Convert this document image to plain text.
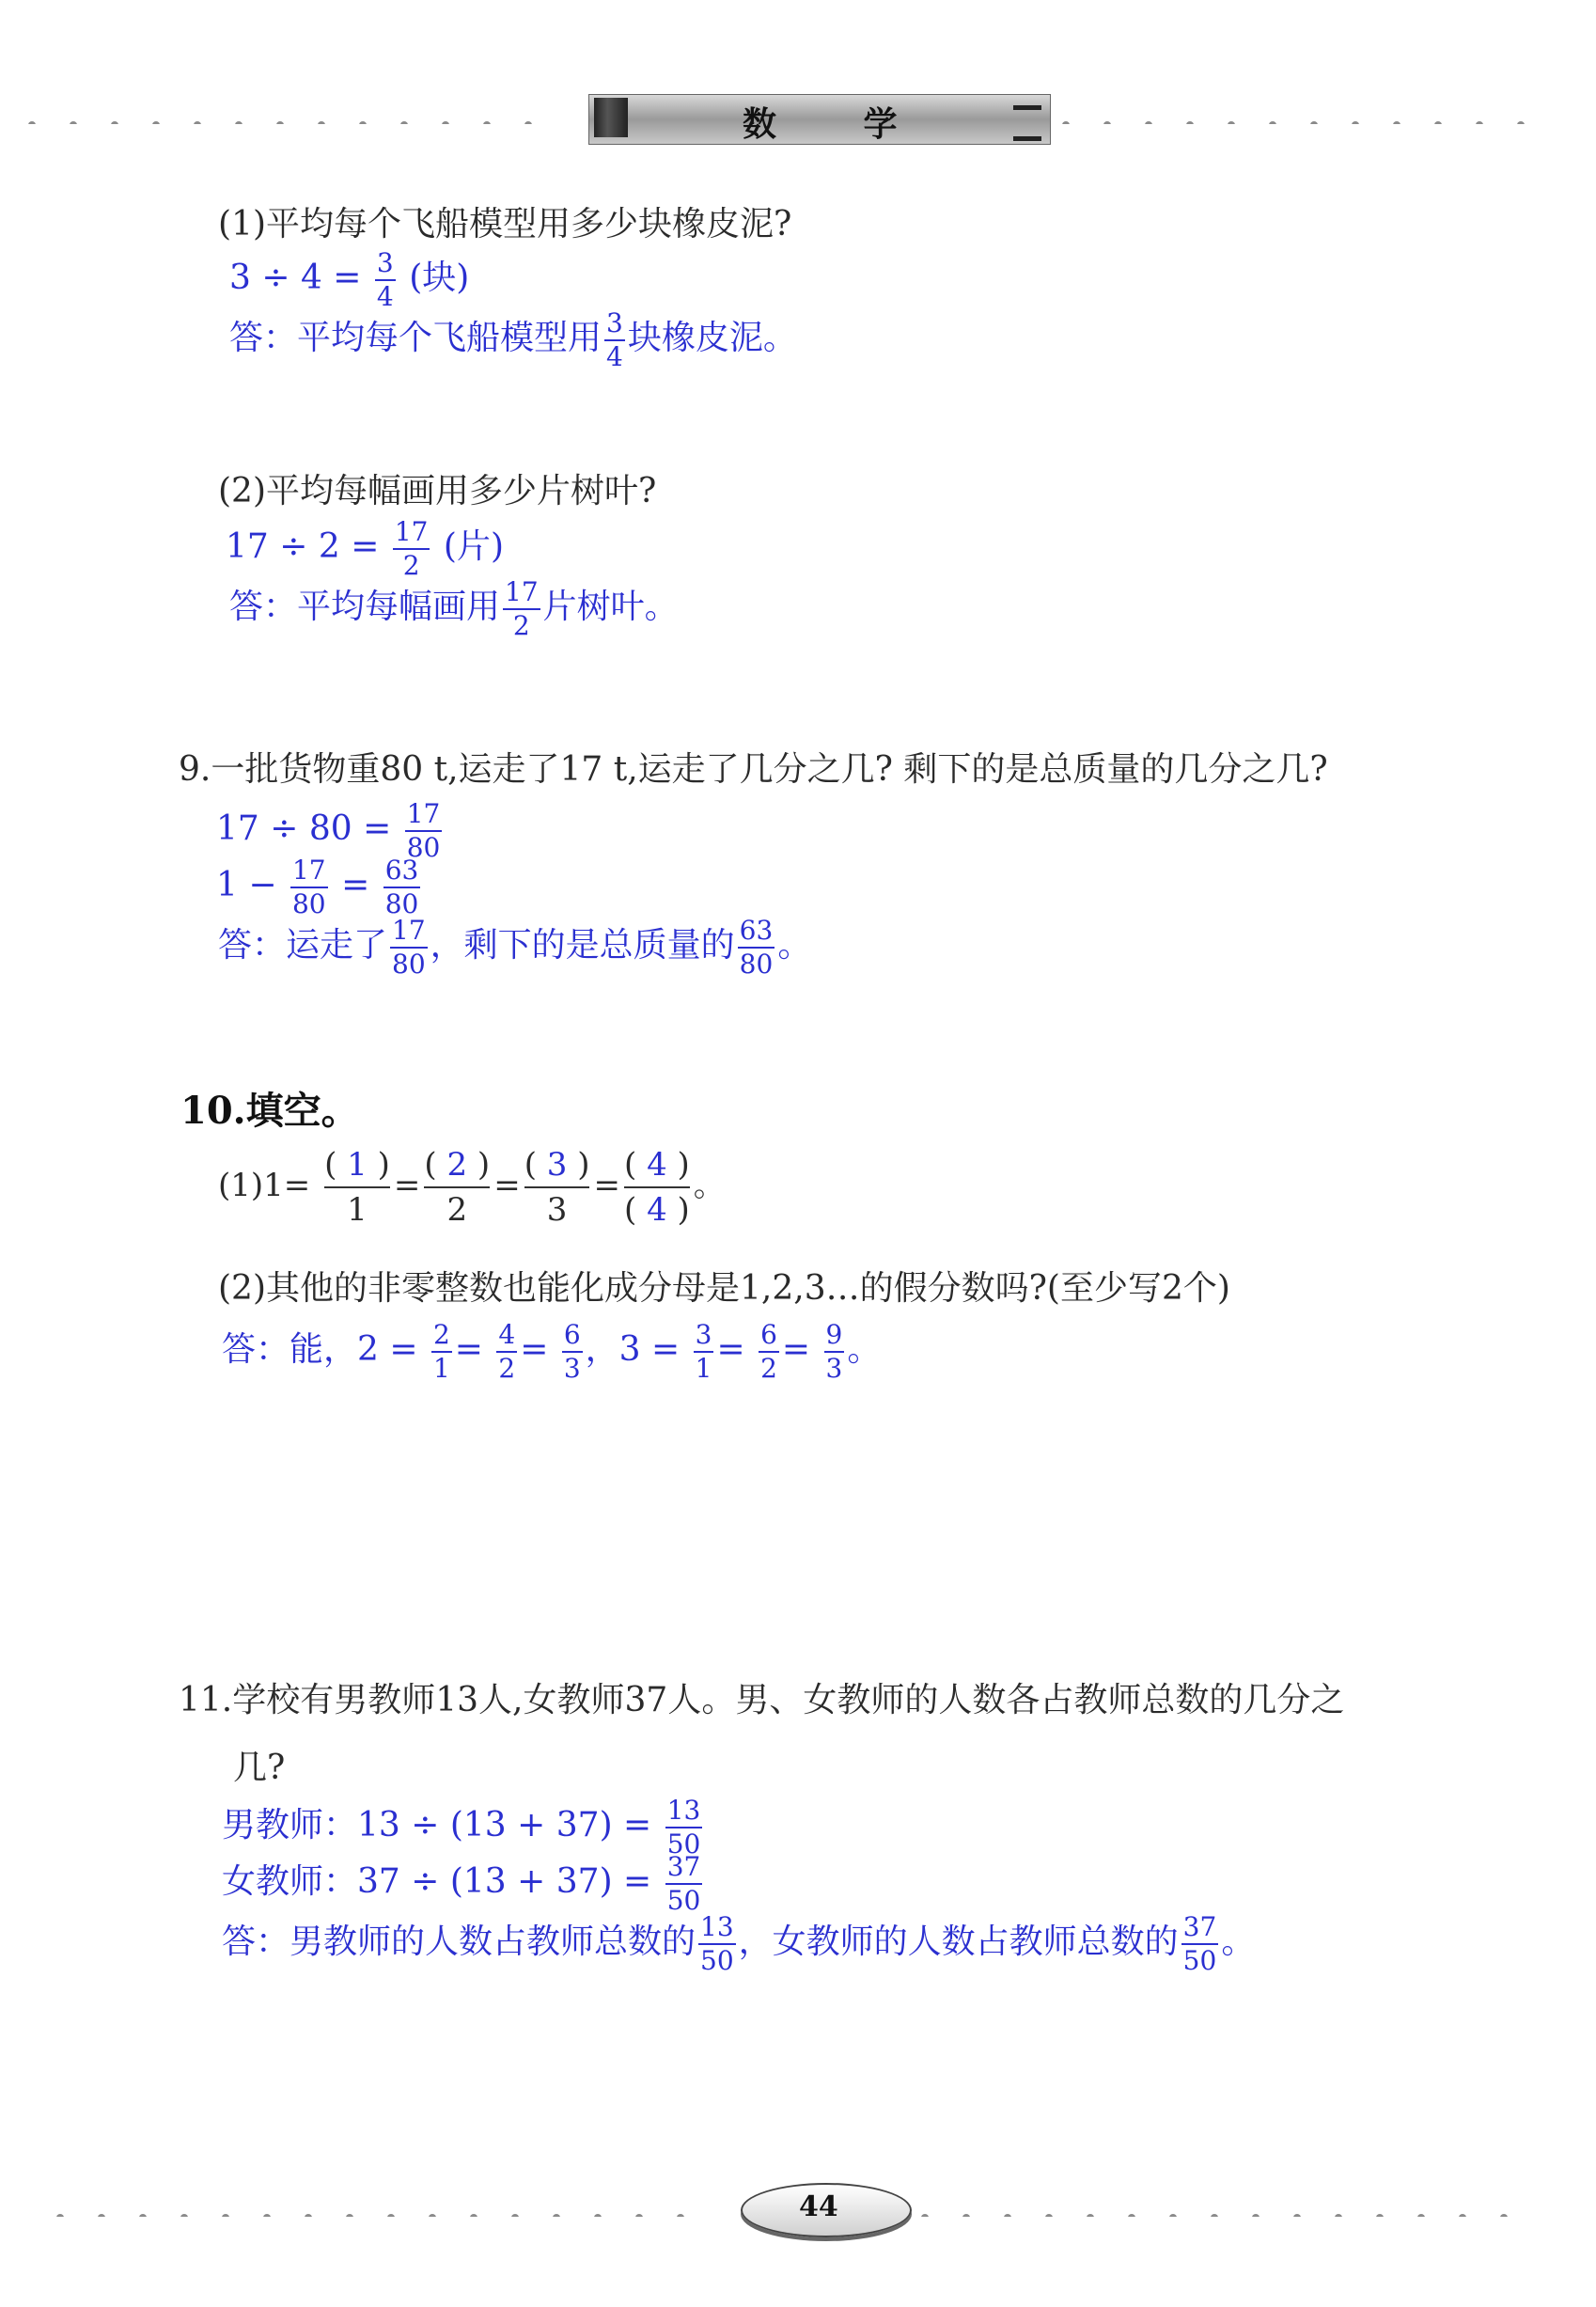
数 学
(1)平均每个飞船模型用多少块橡皮泥?
$3 \div 4 = \frac{3}{4}$ (块)
答：平均每个飞船模型用 $\frac{3}{4}$ 块橡皮泥。
(2)平均每幅画用多少片树叶?
$17 \div 2 = \frac{17}{2}$ (片)
答：平均每幅画用 $\frac{17}{2}$ 片树叶。
9.一批货物重80 t,运走了17 t,运走了几分之几? 剩下的是总质量的几分之几?
$17 \div 80 = \frac{17}{80}$
$1 - \frac{17}{80} = \frac{63}{80}$
答：运走了 $\frac{17}{80}$ ，剩下的是总质量的 $\frac{63}{80}$ 。
10.填空。
$(1)1= \frac{( 1 )}{1} = \frac{( 2 )}{2} = \frac{( 3 )}{3} = \frac{( 4 )}{( 4 )}$ 。
(2)其他的非零整数也能化成分母是1,2,3…的假分数吗?(至少写2个)
答：能，$2 = \frac{2}{1} = \frac{4}{2} = \frac{6}{3}$ ，$3 = \frac{3}{1} = \frac{6}{2} = \frac{9}{3}$ 。
11.学校有男教师13人,女教师37人。男、女教师的人数各占教师总数的几分之
几?
男教师：$13 \div (13 + 37) = \frac{13}{50}$
女教师：$37 \div (13 + 37) = \frac{37}{50}$
答：男教师的人数占教师总数的 $\frac{13}{50}$ ，女教师的人数占教师总数的 $\frac{37}{50}$ 。
44
